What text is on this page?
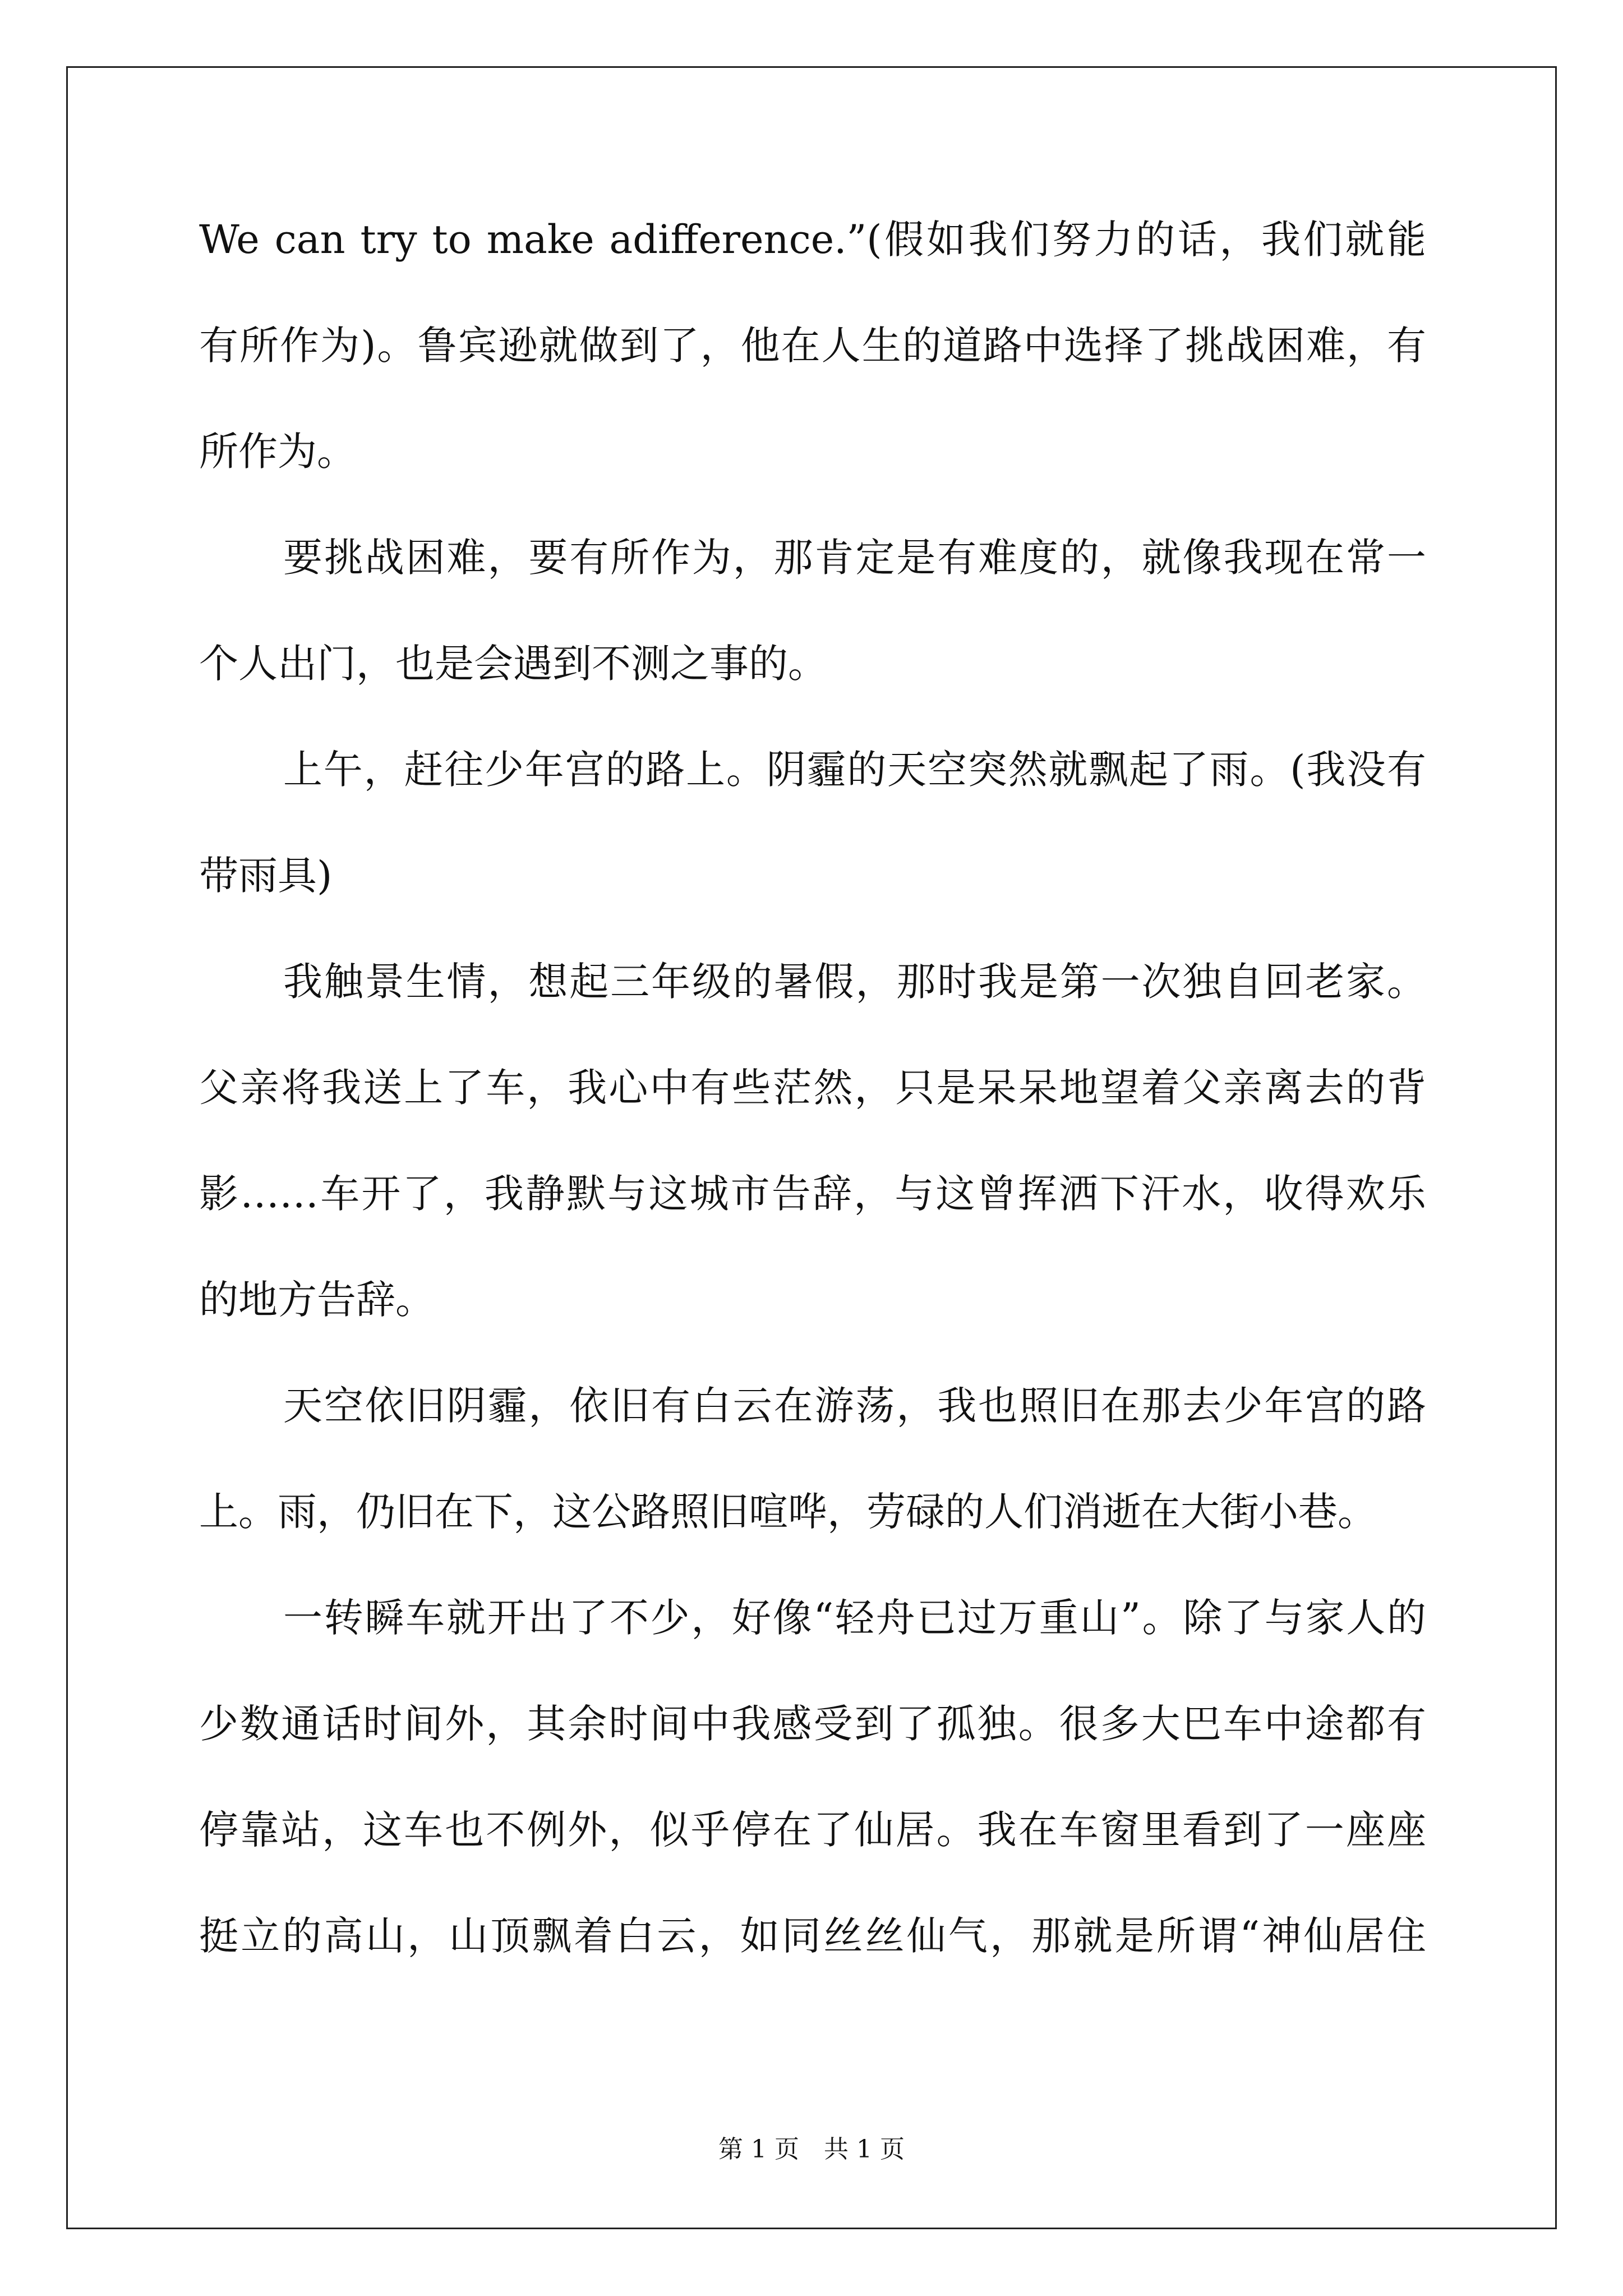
We can try to make adifference.”(假如我们努力的话，我们就能
有所作为)。鲁宾逊就做到了，他在人生的道路中选择了挑战困难，有
所作为。
要挑战困难，要有所作为，那肯定是有难度的，就像我现在常一
个人出门，也是会遇到不测之事的。
上午，赶往少年宫的路上。阴霾的天空突然就飘起了雨。(我没有
带雨具)
我触景生情，想起三年级的暑假，那时我是第一次独自回老家。
父亲将我送上了车，我心中有些茫然，只是呆呆地望着父亲离去的背
影……车开了，我静默与这城市告辞，与这曾挥洒下汗水，收得欢乐
的地方告辞。
天空依旧阴霾，依旧有白云在游荡，我也照旧在那去少年宫的路
上。雨，仍旧在下，这公路照旧喧哗，劳碌的人们消逝在大街小巷。
一转瞬车就开出了不少，好像“轻舟已过万重山”。除了与家人的
少数通话时间外，其余时间中我感受到了孤独。很多大巴车中途都有
停靠站，这车也不例外，似乎停在了仙居。我在车窗里看到了一座座
挺立的高山，山顶飘着白云，如同丝丝仙气，那就是所谓“神仙居住
第 1 页　共 1 页
